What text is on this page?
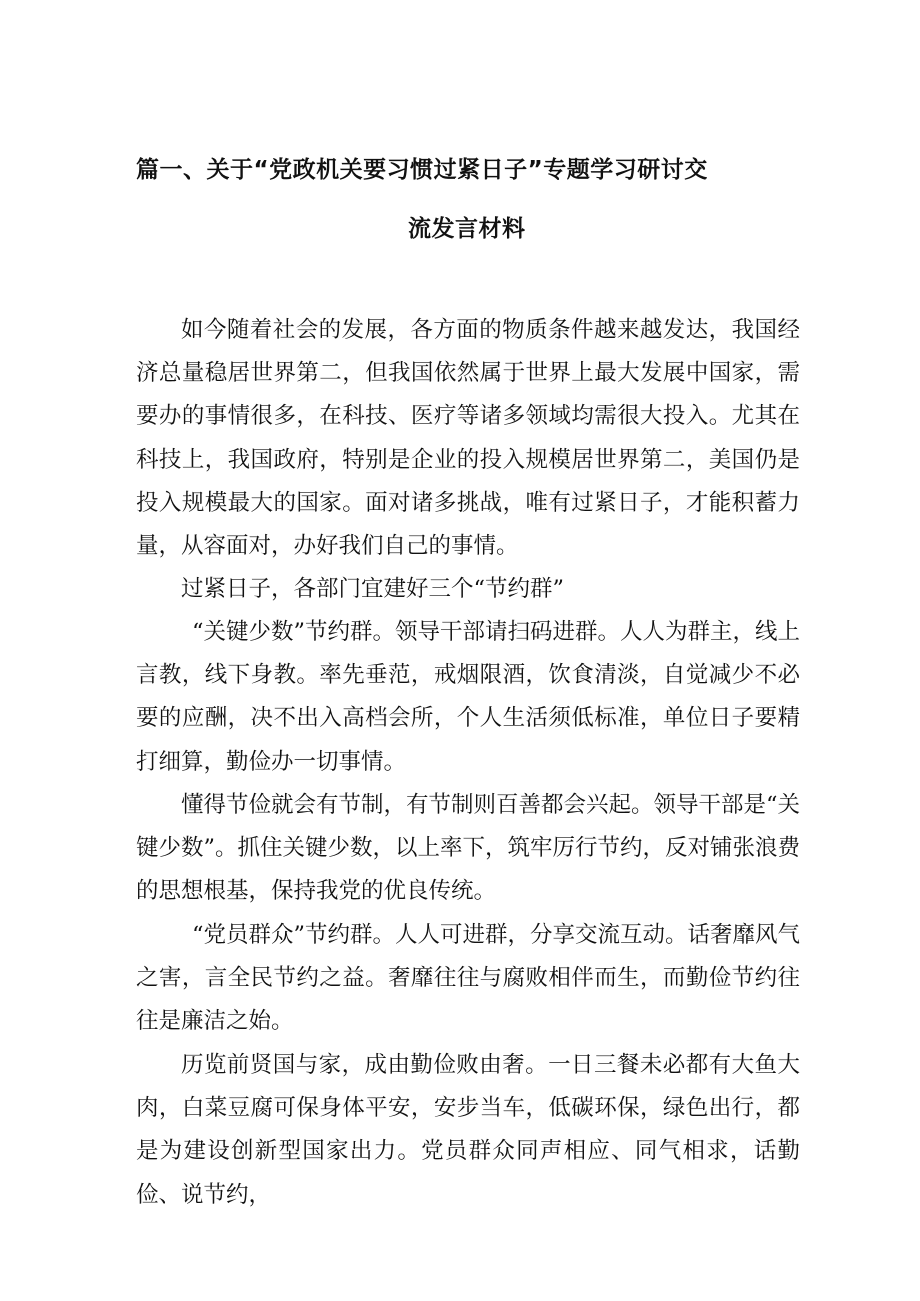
篇一、关于“党政机关要习惯过紧日子”专题学习研讨交
流发言材料

如今随着社会的发展，各方面的物质条件越来越发达，我国经济总量稳居世界第二，但我国依然属于世界上最大发展中国家，需要办的事情很多，在科技、医疗等诸多领域均需很大投入。尤其在科技上，我国政府，特别是企业的投入规模居世界第二，美国仍是投入规模最大的国家。面对诸多挑战，唯有过紧日子，才能积蓄力量，从容面对，办好我们自己的事情。

过紧日子，各部门宜建好三个“节约群”

“关键少数”节约群。领导干部请扫码进群。人人为群主，线上言教，线下身教。率先垂范，戒烟限酒，饮食清淡，自觉减少不必要的应酬，决不出入高档会所，个人生活须低标准，单位日子要精打细算，勤俭办一切事情。

懂得节俭就会有节制，有节制则百善都会兴起。领导干部是“关键少数”。抓住关键少数，以上率下，筑牢厉行节约，反对铺张浪费的思想根基，保持我党的优良传统。

“党员群众”节约群。人人可进群，分享交流互动。话奢靡风气之害，言全民节约之益。奢靡往往与腐败相伴而生，而勤俭节约往往是廉洁之始。

历览前贤国与家，成由勤俭败由奢。一日三餐未必都有大鱼大肉，白菜豆腐可保身体平安，安步当车，低碳环保，绿色出行，都是为建设创新型国家出力。党员群众同声相应、同气相求，话勤俭、说节约，
